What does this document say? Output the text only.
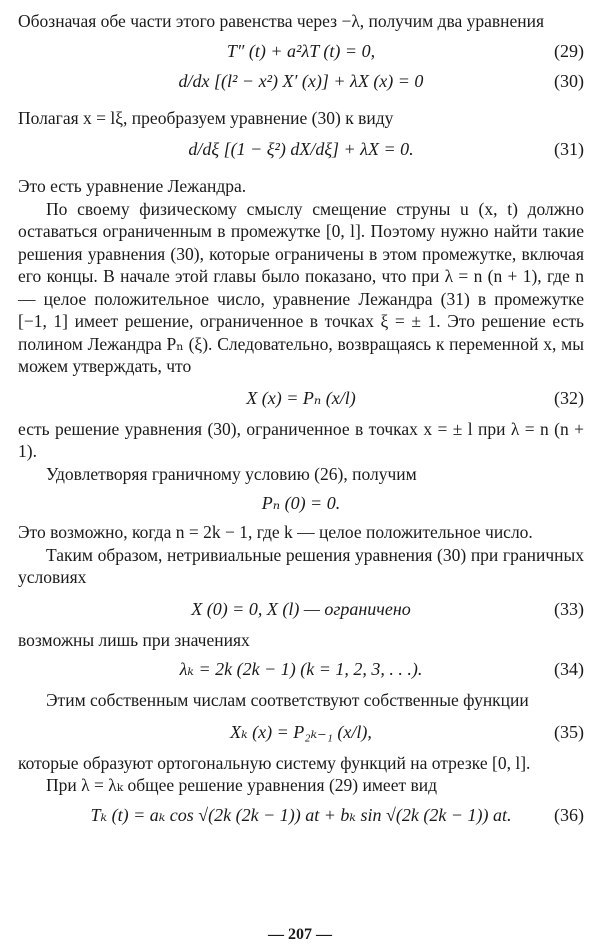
Обозначая обе части этого равенства через −λ, получим два уравнения

T″ (t) + a²λT (t) = 0,	(29)
d/dx [(l² − x²) X′ (x)] + λX (x) = 0	(30)

Полагая x = lξ, преобразуем уравнение (30) к виду

d/dξ [(1 − ξ²) dX/dξ] + λX = 0.	(31)

Это есть уравнение Лежандра.

По своему физическому смыслу смещение струны u (x, t) должно оставаться ограниченным в промежутке [0, l]. Поэтому нужно найти такие решения уравнения (30), которые ограничены в этом промежутке, включая его концы. В начале этой главы было показано, что при λ = n (n + 1), где n — целое положительное число, уравнение Лежандра (31) в промежутке [−1, 1] имеет решение, ограниченное в точках ξ = ± 1. Это решение есть полином Лежандра Pₙ (ξ). Следовательно, возвращаясь к переменной x, мы можем утверждать, что

X (x) = Pₙ (x/l)	(32)

есть решение уравнения (30), ограниченное в точках x = ± l при λ = n (n + 1).

Удовлетворяя граничному условию (26), получим

Pₙ (0) = 0.

Это возможно, когда n = 2k − 1, где k — целое положительное число.

Таким образом, нетривиальные решения уравнения (30) при граничных условиях

X (0) = 0, X (l) — ограничено	(33)

возможны лишь при значениях

λₖ = 2k (2k − 1) (k = 1, 2, 3, . . .).	(34)

Этим собственным числам соответствуют собственные функции

Xₖ (x) = P₂ₖ₋₁ (x/l),	(35)

которые образуют ортогональную систему функций на отрезке [0, l].

При λ = λₖ общее решение уравнения (29) имеет вид

Tₖ (t) = aₖ cos √(2k (2k − 1)) at + bₖ sin √(2k (2k − 1)) at. (36)
— 207 —
